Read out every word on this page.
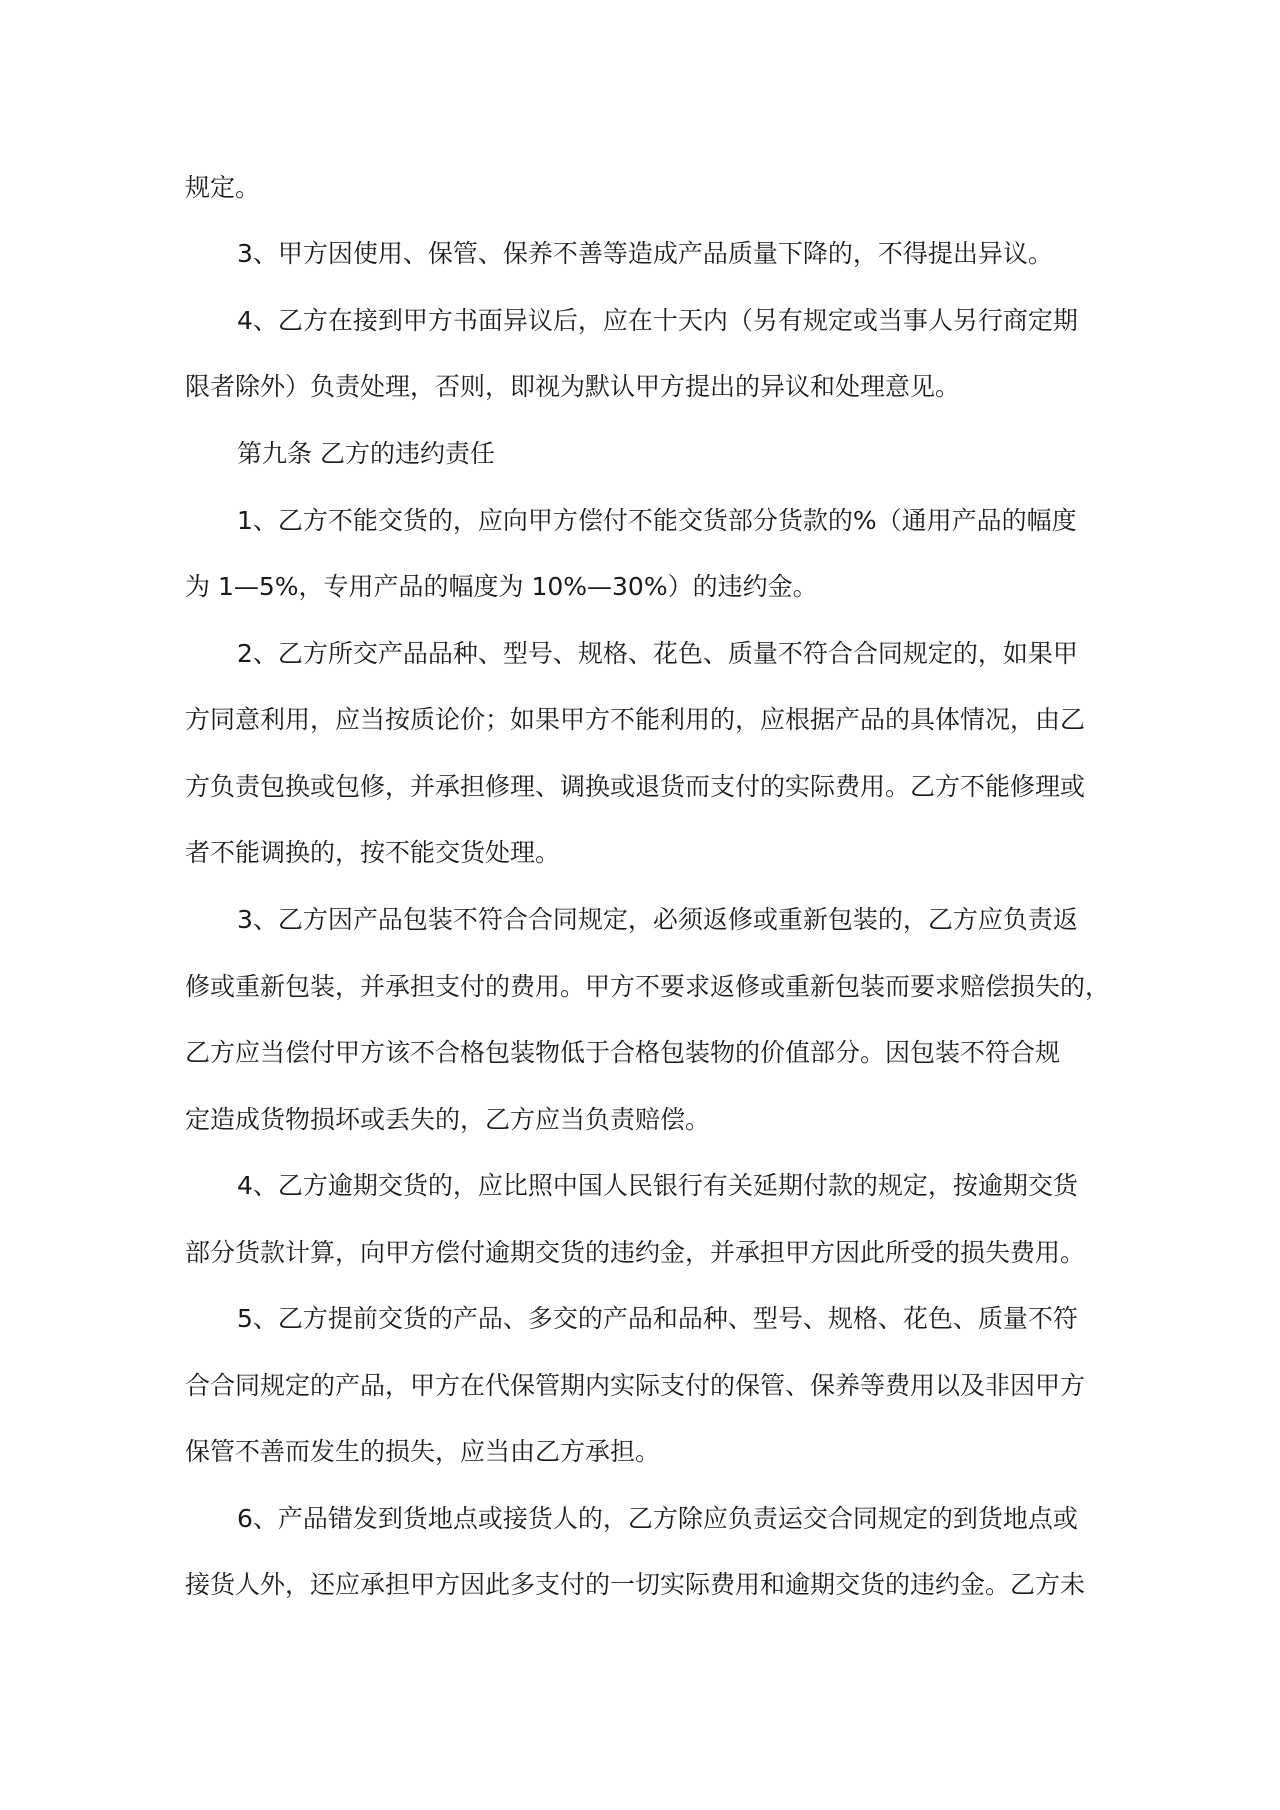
规定。
3、甲方因使用、保管、保养不善等造成产品质量下降的，不得提出异议。
4、乙方在接到甲方书面异议后，应在十天内（另有规定或当事人另行商定期
限者除外）负责处理，否则，即视为默认甲方提出的异议和处理意见。
第九条 乙方的违约责任
1、乙方不能交货的，应向甲方偿付不能交货部分货款的%（通用产品的幅度
为 1—5%，专用产品的幅度为 10%—30%）的违约金。
2、乙方所交产品品种、型号、规格、花色、质量不符合合同规定的，如果甲
方同意利用，应当按质论价；如果甲方不能利用的，应根据产品的具体情况，由乙
方负责包换或包修，并承担修理、调换或退货而支付的实际费用。乙方不能修理或
者不能调换的，按不能交货处理。
3、乙方因产品包装不符合合同规定，必须返修或重新包装的，乙方应负责返
修或重新包装，并承担支付的费用。甲方不要求返修或重新包装而要求赔偿损失的，
乙方应当偿付甲方该不合格包装物低于合格包装物的价值部分。因包装不符合规
定造成货物损坏或丢失的，乙方应当负责赔偿。
4、乙方逾期交货的，应比照中国人民银行有关延期付款的规定，按逾期交货
部分货款计算，向甲方偿付逾期交货的违约金，并承担甲方因此所受的损失费用。
5、乙方提前交货的产品、多交的产品和品种、型号、规格、花色、质量不符
合合同规定的产品，甲方在代保管期内实际支付的保管、保养等费用以及非因甲方
保管不善而发生的损失，应当由乙方承担。
6、产品错发到货地点或接货人的，乙方除应负责运交合同规定的到货地点或
接货人外，还应承担甲方因此多支付的一切实际费用和逾期交货的违约金。乙方未
